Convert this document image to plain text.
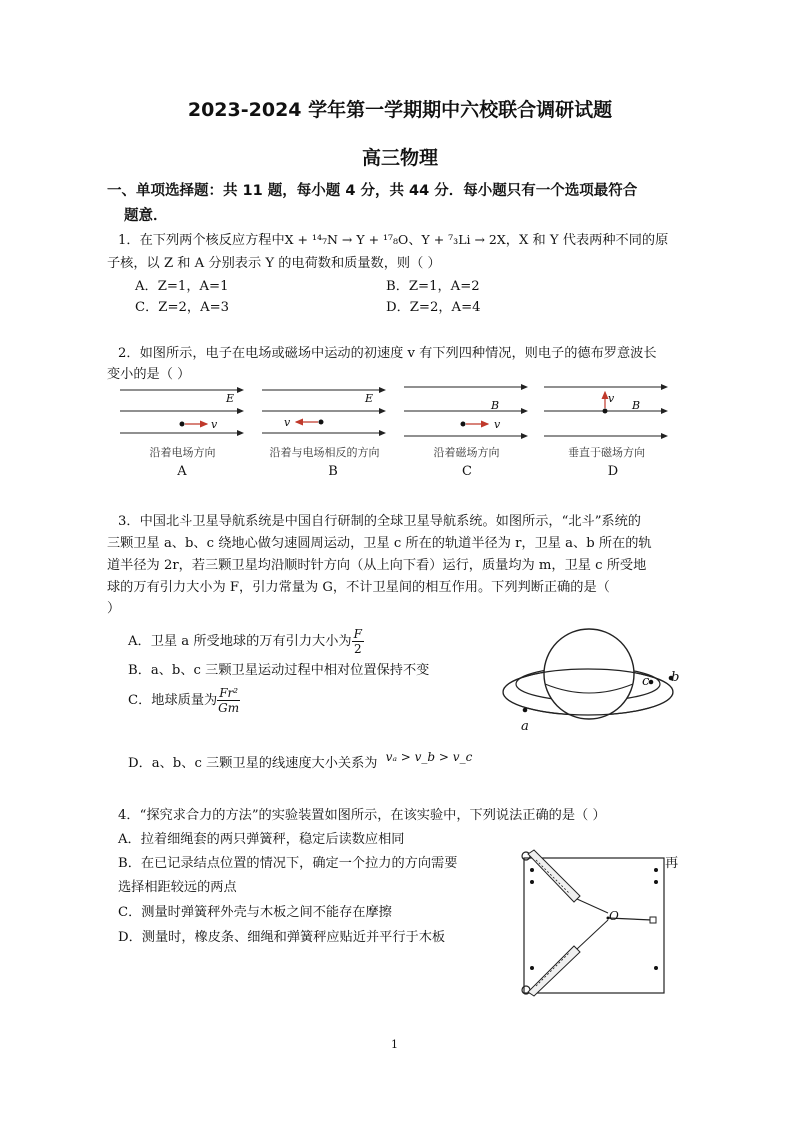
2023-2024 学年第一学期期中六校联合调研试题
高三物理
一、单项选择题：共 11 题，每小题 4 分，共 44 分．每小题只有一个选项最符合
题意．
1．在下列两个核反应方程中X + ¹⁴₇N → Y + ¹⁷₈O、Y + ⁷₃Li → 2X，X 和 Y 代表两种不同的原
子核，以 Z 和 A 分别表示 Y 的电荷数和质量数，则（ ）
A．Z=1，A=1	B．Z=1，A=2
C．Z=2，A=3	D．Z=2，A=4
2．如图所示，电子在电场或磁场中运动的初速度 v 有下列四种情况，则电子的德布罗意波长
变小的是（ ）
E
v
E
v
B
v
B
v
沿着电场方向	沿着与电场相反的方向	沿着磁场方向	垂直于磁场方向
A	B	C	D
3．中国北斗卫星导航系统是中国自行研制的全球卫星导航系统。如图所示，“北斗”系统的
三颗卫星 a、b、c 绕地心做匀速圆周运动，卫星 c 所在的轨道半径为 r，卫星 a、b 所在的轨
道半径为 2r，若三颗卫星均沿顺时针方向（从上向下看）运行，质量均为 m，卫星 c 所受地
球的万有引力大小为 F，引力常量为 G，不计卫星间的相互作用。下列判断正确的是（
）
A．卫星 a 所受地球的万有引力大小为 $\frac{F}{2}$
B．a、b、c 三颗卫星运动过程中相对位置保持不变
C．地球质量为 $\frac{\text{Fr²}}{Gm}$
D．a、b、c 三颗卫星的线速度大小关系为 vₐ > v_b > v_c
a
b
c
4．“探究求合力的方法”的实验装置如图所示，在该实验中，下列说法正确的是（ ）
A．拉着细绳套的两只弹簧秤，稳定后读数应相同
B．在已记录结点位置的情况下，确定一个拉力的方向需要	再
选择相距较远的两点
C．测量时弹簧秤外壳与木板之间不能存在摩擦
D．测量时，橡皮条、细绳和弹簧秤应贴近并平行于木板
O
1
